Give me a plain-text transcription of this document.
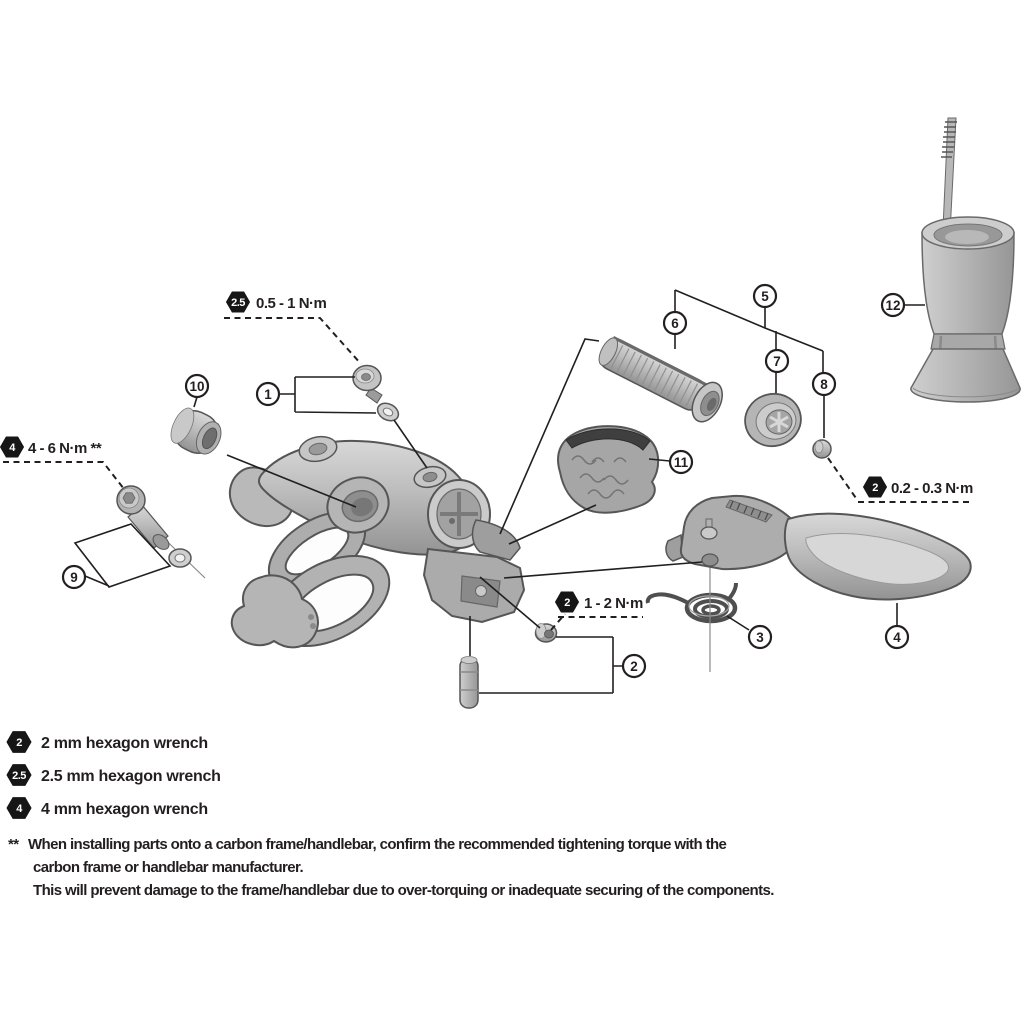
1
2
3	4
5
6
7
8
9
10
11
12
2.5 0.5 - 1 N·m
4 4 - 6 N·m **
2 1 - 2 N·m
2 0.2 - 0.3 N·m
2 2 mm hexagon wrench
2.5 2.5 mm hexagon wrench
4 4 mm hexagon wrench
** When installing parts onto a carbon frame/handlebar, confirm the recommended tightening torque with the
carbon frame or handlebar manufacturer.
This will prevent damage to the frame/handlebar due to over-torquing or inadequate securing of the components.
